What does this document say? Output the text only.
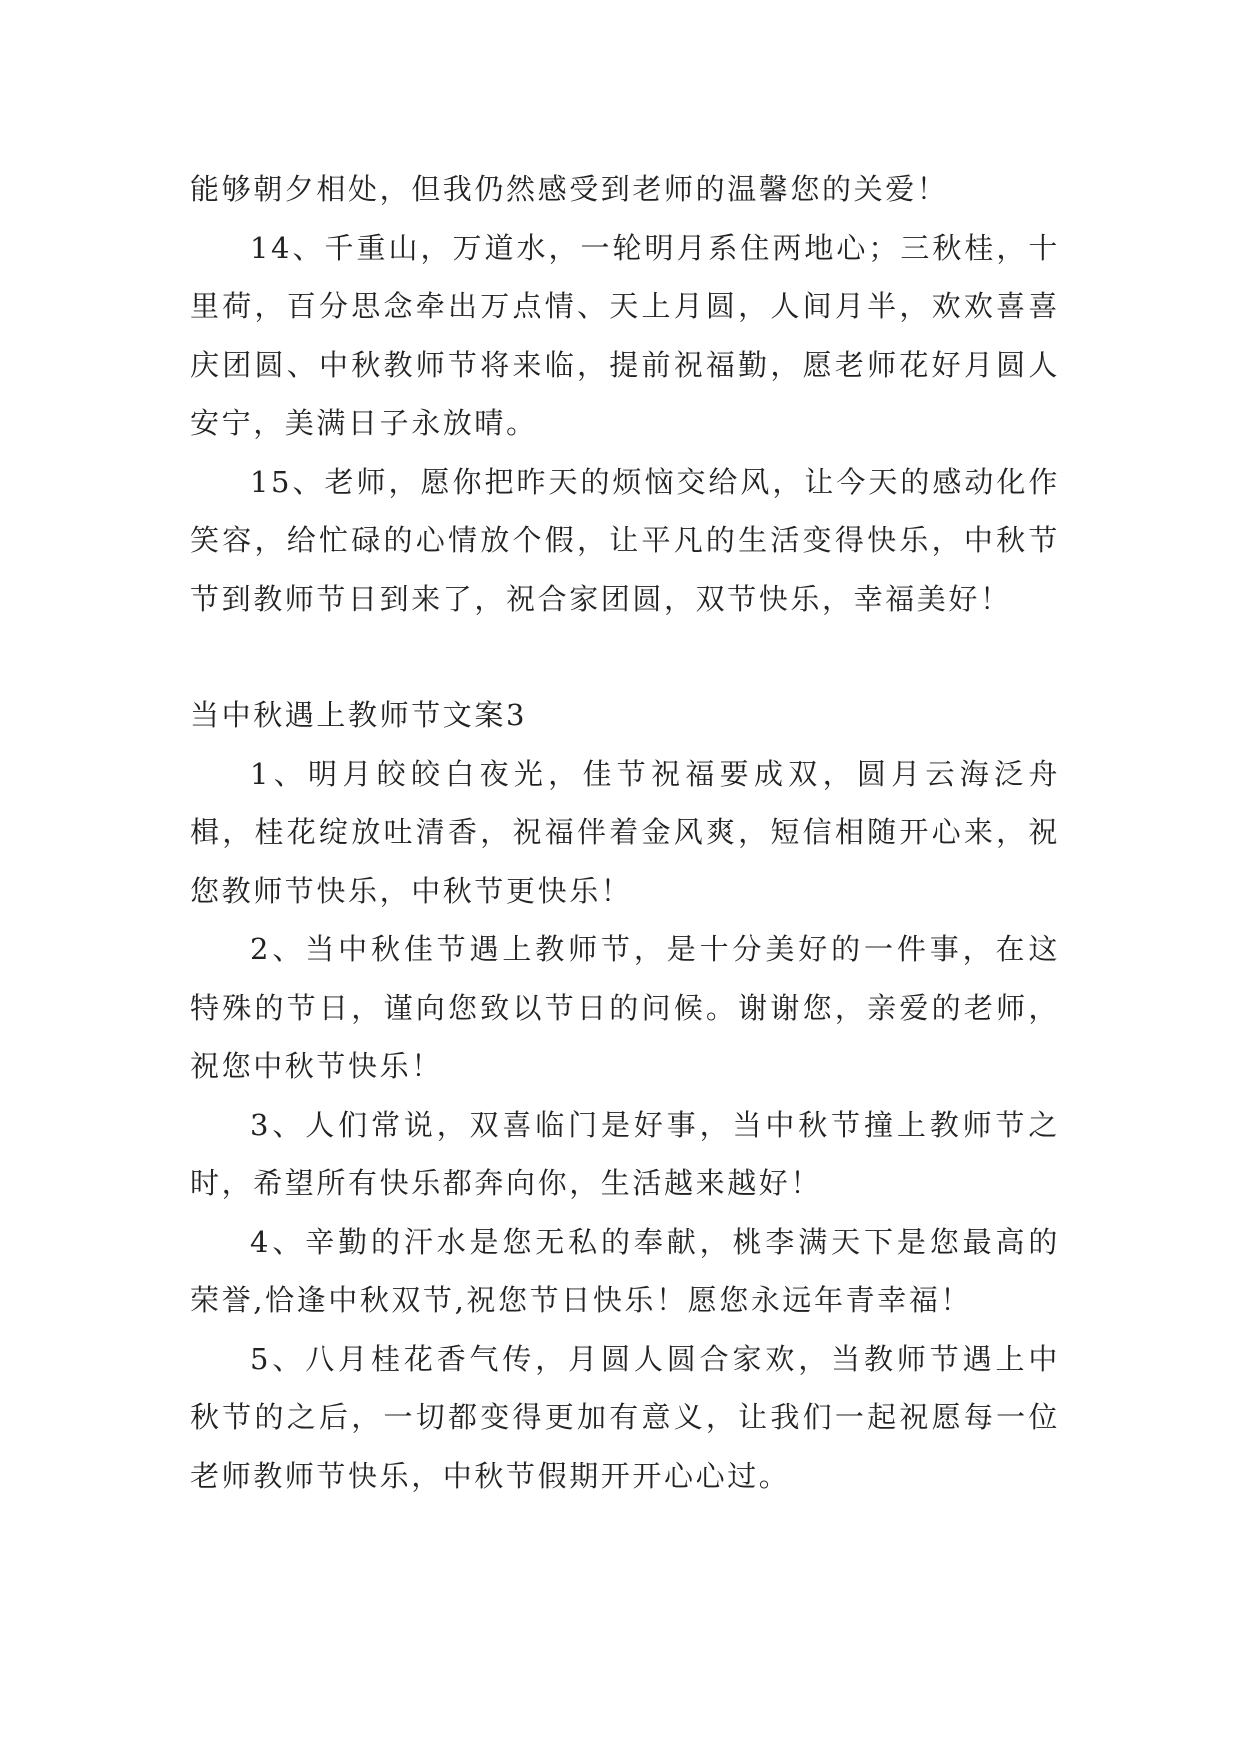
能够朝夕相处，但我仍然感受到老师的温馨您的关爱！

14、千重山，万道水，一轮明月系住两地心；三秋桂，十里荷，百分思念牵出万点情、天上月圆，人间月半，欢欢喜喜庆团圆、中秋教师节将来临，提前祝福勤，愿老师花好月圆人安宁，美满日子永放晴。

15、老师，愿你把昨天的烦恼交给风，让今天的感动化作笑容，给忙碌的心情放个假，让平凡的生活变得快乐，中秋节节到教师节日到来了，祝合家团圆，双节快乐，幸福美好！

当中秋遇上教师节文案3

1、明月皎皎白夜光，佳节祝福要成双，圆月云海泛舟楫，桂花绽放吐清香，祝福伴着金风爽，短信相随开心来，祝您教师节快乐，中秋节更快乐！

2、当中秋佳节遇上教师节，是十分美好的一件事，在这特殊的节日，谨向您致以节日的问候。谢谢您，亲爱的老师，祝您中秋节快乐！

3、人们常说，双喜临门是好事，当中秋节撞上教师节之时，希望所有快乐都奔向你，生活越来越好！

4、辛勤的汗水是您无私的奉献，桃李满天下是您最高的荣誉,恰逢中秋双节,祝您节日快乐！愿您永远年青幸福！

5、八月桂花香气传，月圆人圆合家欢，当教师节遇上中秋节的之后，一切都变得更加有意义，让我们一起祝愿每一位老师教师节快乐，中秋节假期开开心心过。
